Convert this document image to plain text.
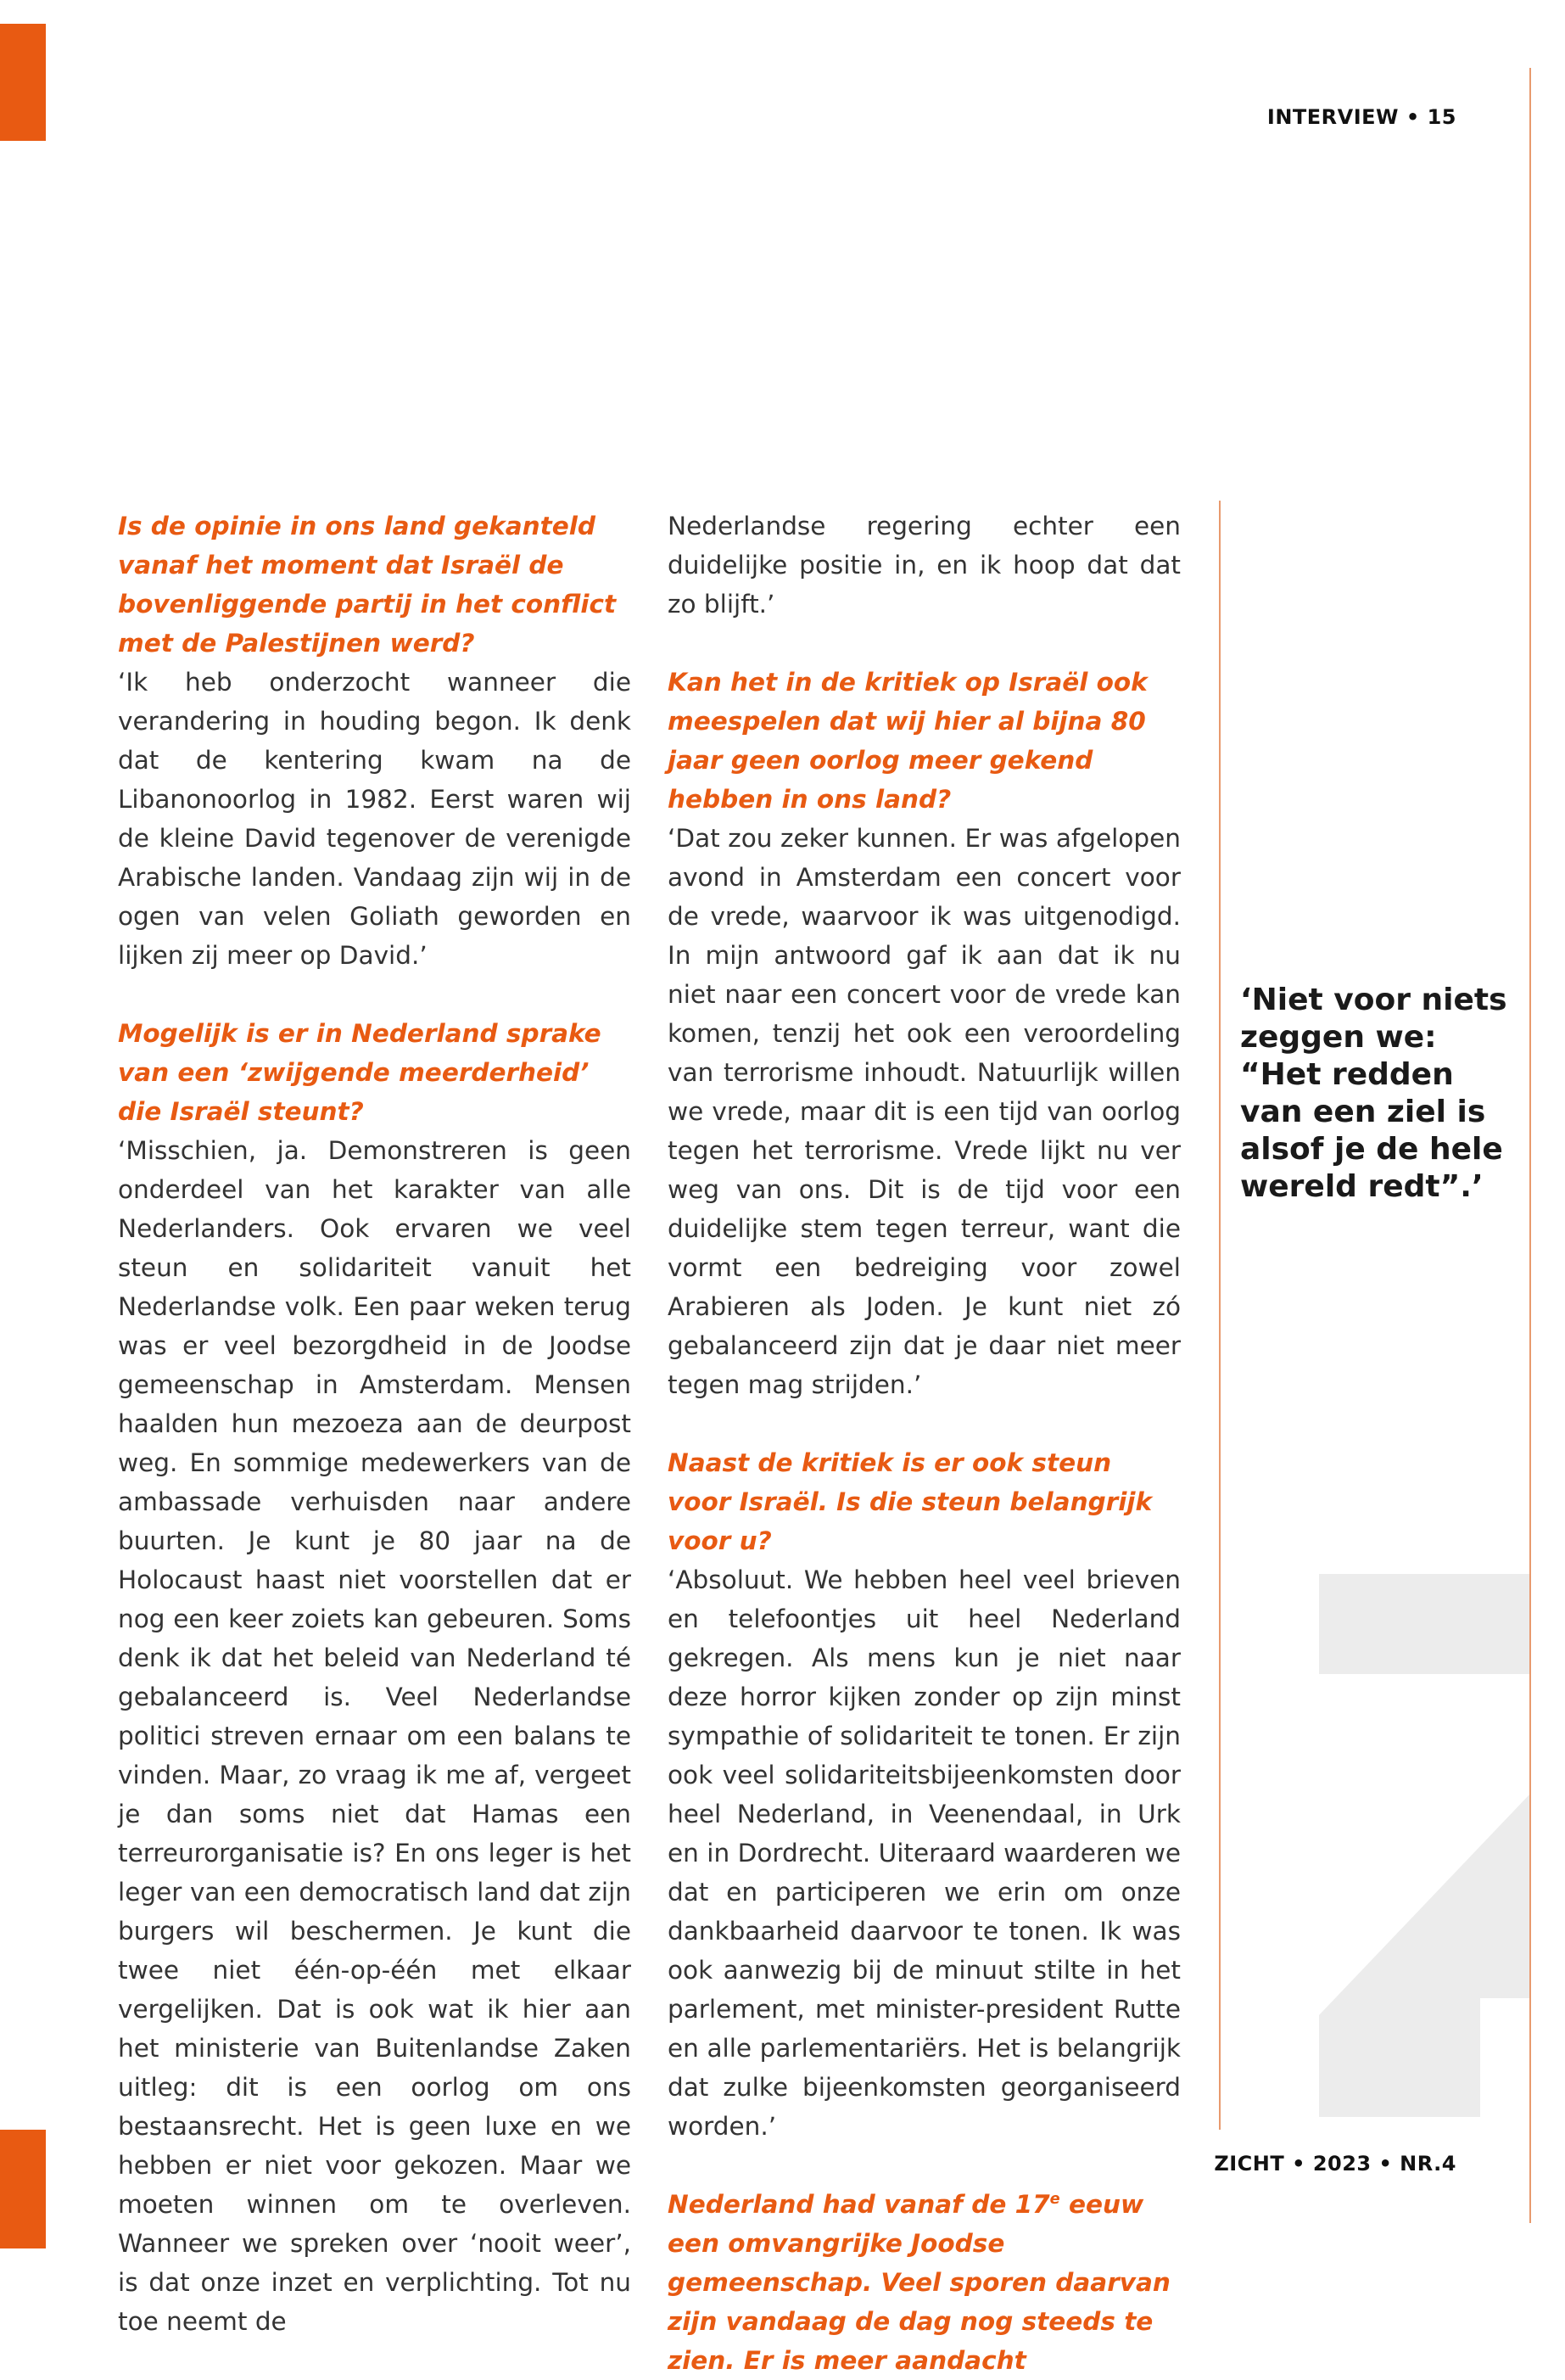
INTERVIEW • 15

Is de opinie in ons land gekanteld vanaf het moment dat Israël de bovenliggende partij in het conflict met de Palestijnen werd?

‘Ik heb onderzocht wanneer die verandering in houding begon. Ik denk dat de kentering kwam na de Libanonoorlog in 1982. Eerst waren wij de kleine David tegenover de verenigde Arabische landen. Vandaag zijn wij in de ogen van velen Goliath geworden en lijken zij meer op David.’

Mogelijk is er in Nederland sprake van een ‘zwijgende meerderheid’ die Israël steunt?

‘Misschien, ja. Demonstreren is geen onderdeel van het karakter van alle Nederlanders. Ook ervaren we veel steun en solidariteit vanuit het Nederlandse volk. Een paar weken terug was er veel bezorgdheid in de Joodse gemeenschap in Amsterdam. Mensen haalden hun mezoeza aan de deurpost weg. En sommige medewerkers van de ambassade verhuisden naar andere buurten. Je kunt je 80 jaar na de Holocaust haast niet voorstellen dat er nog een keer zoiets kan gebeuren. Soms denk ik dat het beleid van Nederland té gebalanceerd is. Veel Nederlandse politici streven ernaar om een balans te vinden. Maar, zo vraag ik me af, vergeet je dan soms niet dat Hamas een terreurorganisatie is? En ons leger is het leger van een democratisch land dat zijn burgers wil beschermen. Je kunt die twee niet één-op-één met elkaar vergelijken. Dat is ook wat ik hier aan het ministerie van Buitenlandse Zaken uitleg: dit is een oorlog om ons bestaansrecht. Het is geen luxe en we hebben er niet voor gekozen. Maar we moeten winnen om te overleven. Wanneer we spreken over ‘nooit weer’, is dat onze inzet en verplichting. Tot nu toe neemt de

Nederlandse regering echter een duidelijke positie in, en ik hoop dat dat zo blijft.’

Kan het in de kritiek op Israël ook meespelen dat wij hier al bijna 80 jaar geen oorlog meer gekend hebben in ons land?

‘Dat zou zeker kunnen. Er was afgelopen avond in Amsterdam een concert voor de vrede, waarvoor ik was uitgenodigd. In mijn antwoord gaf ik aan dat ik nu niet naar een concert voor de vrede kan komen, tenzij het ook een veroordeling van terrorisme inhoudt. Natuurlijk willen we vrede, maar dit is een tijd van oorlog tegen het terrorisme. Vrede lijkt nu ver weg van ons. Dit is de tijd voor een duidelijke stem tegen terreur, want die vormt een bedreiging voor zowel Arabieren als Joden. Je kunt niet zó gebalanceerd zijn dat je daar niet meer tegen mag strijden.’

Naast de kritiek is er ook steun voor Israël. Is die steun belangrijk voor u?

‘Absoluut. We hebben heel veel brieven en telefoontjes uit heel Nederland gekregen. Als mens kun je niet naar deze horror kijken zonder op zijn minst sympathie of solidariteit te tonen. Er zijn ook veel solidariteitsbijeenkomsten door heel Nederland, in Veenendaal, in Urk en in Dordrecht. Uiteraard waarderen we dat en participeren we erin om onze dankbaarheid daarvoor te tonen. Ik was ook aanwezig bij de minuut stilte in het parlement, met minister-president Rutte en alle parlementariërs. Het is belangrijk dat zulke bijeenkomsten georganiseerd worden.’

Nederland had vanaf de 17e eeuw een omvangrijke Joodse gemeenschap. Veel sporen daarvan zijn vandaag de dag nog steeds te zien. Er is meer aandacht

‘Niet voor niets zeggen we: “Het redden van een ziel is alsof je de hele wereld redt”.’
ZICHT • 2023 • NR.4
